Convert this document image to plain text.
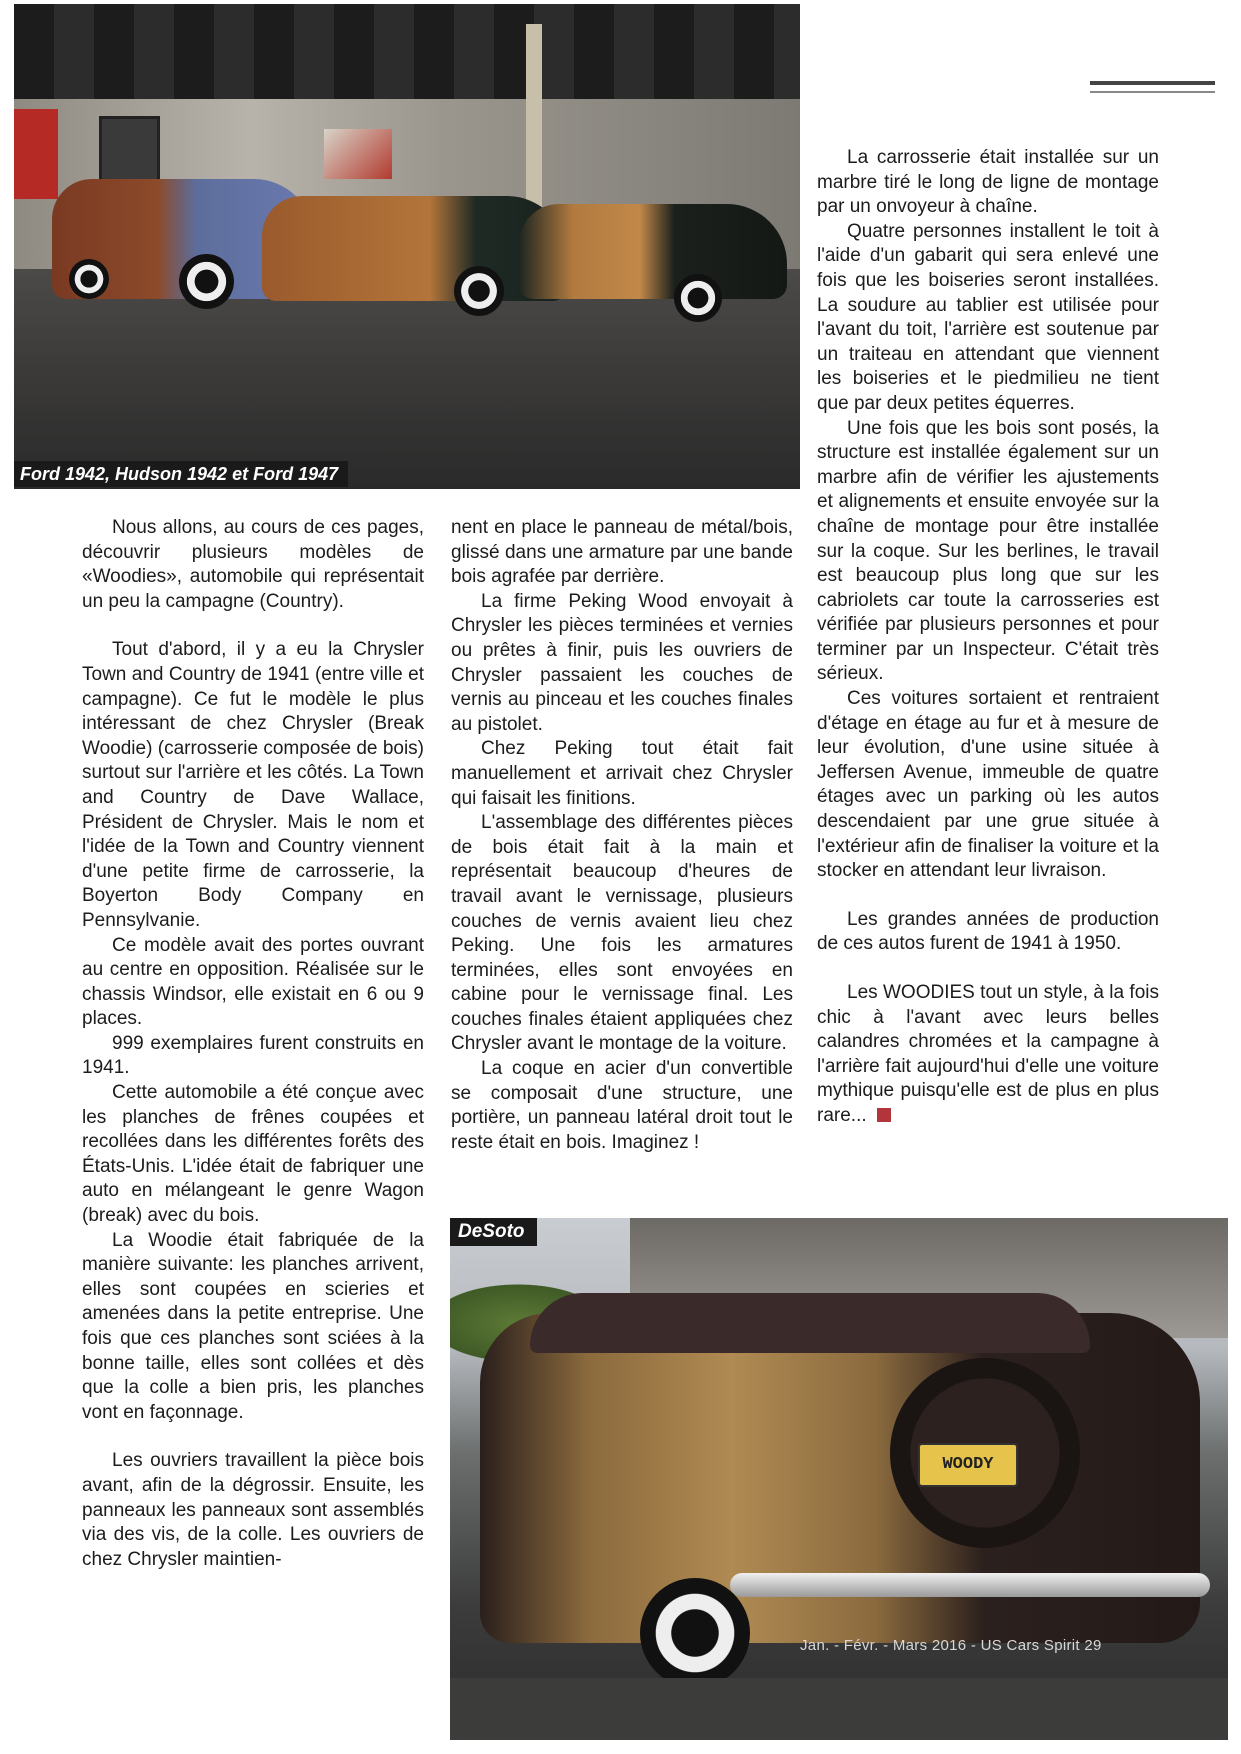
Ford 1942, Hudson 1942 et Ford 1947

Nous allons, au cours de ces pages, découvrir plusieurs modèles de «Woodies», automobile qui représentait un peu la campagne (Country).

Tout d'abord, il y a eu la Chrysler Town and Country de 1941 (entre ville et campagne). Ce fut le modèle le plus intéressant de chez Chrysler (Break Woodie) (carrosserie composée de bois) surtout sur l'arrière et les côtés. La Town and Country de Dave Wallace, Président de Chrysler. Mais le nom et l'idée de la Town and Country viennent d'une petite firme de carrosserie, la Boyerton Body Company en Pennsylvanie.

Ce modèle avait des portes ouvrant au centre en opposition. Réalisée sur le chassis Windsor, elle existait en 6 ou 9 places.

999 exemplaires furent construits en 1941.

Cette automobile a été conçue avec les planches de frênes coupées et recollées dans les différentes forêts des États-Unis. L'idée était de fabriquer une auto en mélangeant le genre Wagon (break) avec du bois.

La Woodie était fabriquée de la manière suivante: les planches arrivent, elles sont coupées en scieries et amenées dans la petite entreprise. Une fois que ces planches sont sciées à la bonne taille, elles sont collées et dès que la colle a bien pris, les planches vont en façonnage.

Les ouvriers travaillent la pièce bois avant, afin de la dégrossir. Ensuite, les panneaux les panneaux sont assemblés via des vis, de la colle. Les ouvriers de chez Chrysler maintien-

nent en place le panneau de métal/bois, glissé dans une armature par une bande bois agrafée par derrière.

La firme Peking Wood envoyait à Chrysler les pièces terminées et vernies ou prêtes à finir, puis les ouvriers de Chrysler passaient les couches de vernis au pinceau et les couches finales au pistolet.

Chez Peking tout était fait manuellement et arrivait chez Chrysler qui faisait les finitions.

L'assemblage des différentes pièces de bois était fait à la main et représentait beaucoup d'heures de travail avant le vernissage, plusieurs couches de vernis avaient lieu chez Peking. Une fois les armatures terminées, elles sont envoyées en cabine pour le vernissage final. Les couches finales étaient appliquées chez Chrysler avant le montage de la voiture.

La coque en acier d'un convertible se composait d'une structure, une portière, un panneau latéral droit tout le reste était en bois. Imaginez !

La carrosserie était installée sur un marbre tiré le long de ligne de montage par un onvoyeur à chaîne.

Quatre personnes installent le toit à l'aide d'un gabarit qui sera enlevé une fois que les boiseries seront installées. La soudure au tablier est utilisée pour l'avant du toit, l'arrière est soutenue par un traiteau en attendant que viennent les boiseries et le piedmilieu ne tient que par deux petites équerres.

Une fois que les bois sont posés, la structure est installée également sur un marbre afin de vérifier les ajustements et alignements et ensuite envoyée sur la chaîne de montage pour être installée sur la coque. Sur les berlines, le travail est beaucoup plus long que sur les cabriolets car toute la carrosseries est vérifiée par plusieurs personnes et pour terminer par un Inspecteur. C'était très sérieux.

Ces voitures sortaient et rentraient d'étage en étage au fur et à mesure de leur évolution, d'une usine située à Jeffersen Avenue, immeuble de quatre étages avec un parking où les autos descendaient par une grue située à l'extérieur afin de finaliser la voiture et la stocker en attendant leur livraison.

Les grandes années de production de ces autos furent de 1941 à 1950.

Les WOODIES tout un style, à la fois chic à l'avant avec leurs belles calandres chromées et la campagne à l'arrière fait aujourd'hui d'elle une voiture mythique puisqu'elle est de plus en plus rare...

WOODY
DeSoto
Jan. - Févr. - Mars 2016 - US Cars Spirit 29
